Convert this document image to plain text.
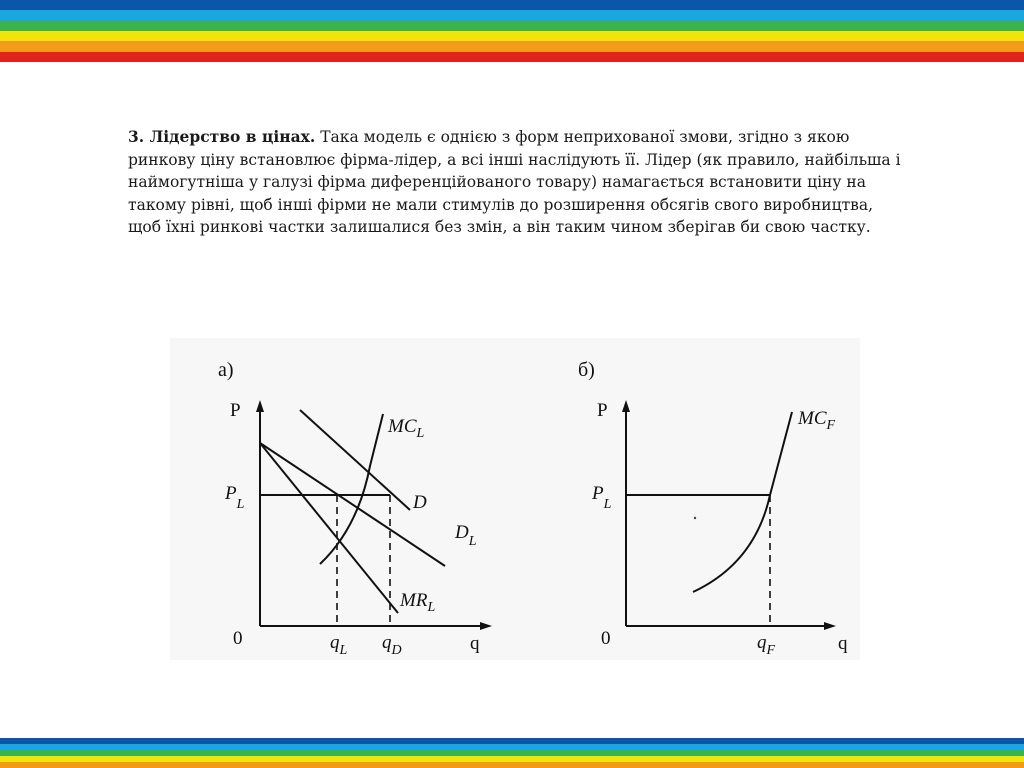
3. Лідерство в цінах. Така модель є однією з форм неприхованої змови, згідно з якою ринкову ціну встановлює фірма-лідер, а всі інші наслідують її. Лідер (як правило, найбільша і наймогутніша у галузі фірма диференційованого товару) намагається встановити ціну на такому рівні, щоб інші фірми не мали стимулів до розширення обсягів свого виробництва, щоб їхні ринкові частки залишалися без змін, а він таким чином зберігав би свою частку.
а)
P
q
0
$P_L$	D
$D_L$
$MR_L$
$MC_L$
$q_L$ $q_D$
б)
P
q
0
$P_L$
$MC_F$
$q_F$
